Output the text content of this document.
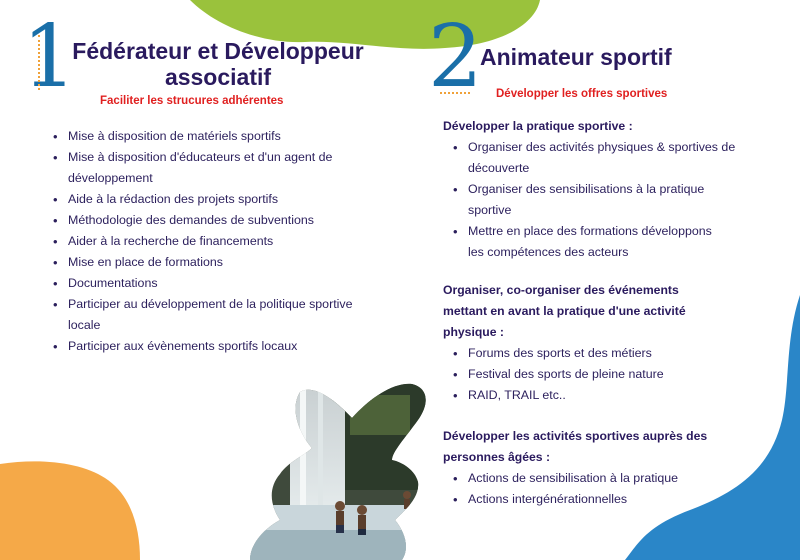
1
Fédérateur et Développeur
associatif
Faciliter les strucures adhérentes
• Mise à disposition de matériels sportifs
• Mise à disposition d'éducateurs et d'un agent de
développement
• Aide à la rédaction des projets sportifs
• Méthodologie des demandes de subventions
• Aider à la recherche de financements
• Mise en place de formations
• Documentations
• Participer au développement de la politique sportive
locale
• Participer aux évènements sportifs locaux
2
Animateur sportif
Développer les offres sportives
Développer la pratique sportive :
• Organiser des activités physiques & sportives de
découverte
• Organiser des sensibilisations à la pratique
sportive
• Mettre en place des formations développons
les compétences des acteurs
Organiser, co-organiser des événements
mettant en avant la pratique d'une activité
physique :
• Forums des sports et des métiers
• Festival des sports de pleine nature
• RAID, TRAIL etc..
Développer les activités sportives auprès des
personnes âgées :
• Actions de sensibilisation à la pratique
• Actions intergénérationnelles
